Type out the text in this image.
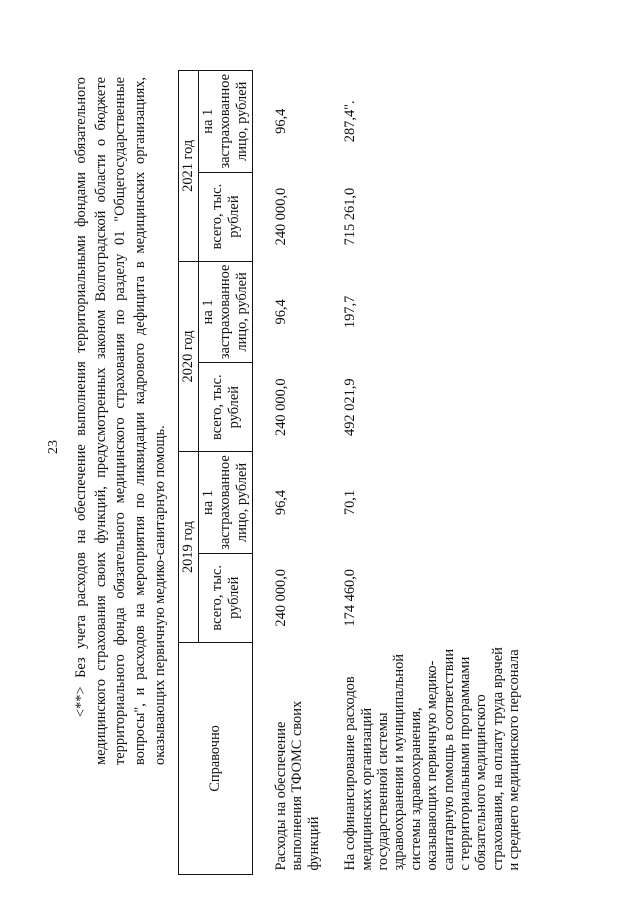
23 <**> Без учета расходов на обеспечение выполнения территориальными фондами обязательного медицинского страхования своих функций, предусмотренных законом Волгоградской области о бюджете территориального фонда обязательного медицинского страхования по разделу 01 "Общегосударственные вопросы", и расходов на мероприятия по ликвидации кадрового дефицита в медицинских организациях, оказывающих первичную медико-санитарную помощь.	Справочно	2019 год		2020 год		2021 год	
	всего, тыс. рублей	на 1 застрахованное лицо, рублей	всего, тыс. рублей	на 1 застрахованное лицо, рублей	всего, тыс. рублей	на 1 застрахованное лицо, рублей
Расходы на обеспечение выполнения ТФОМС своих функций	240 000,0	96,4	240 000,0	96,4	240 000,0	96,4
На софинансирование расходов медицинских организаций государственной системы здравоохранения и муниципальной системы здравоохранения, оказывающих первичную медико-санитарную помощь в соответствии с территориальными программами обязательного медицинского страхования, на оплату труда врачей и среднего медицинского персонала	174 460,0	70,1	492 021,9	197,7	715 261,0	287,4".
